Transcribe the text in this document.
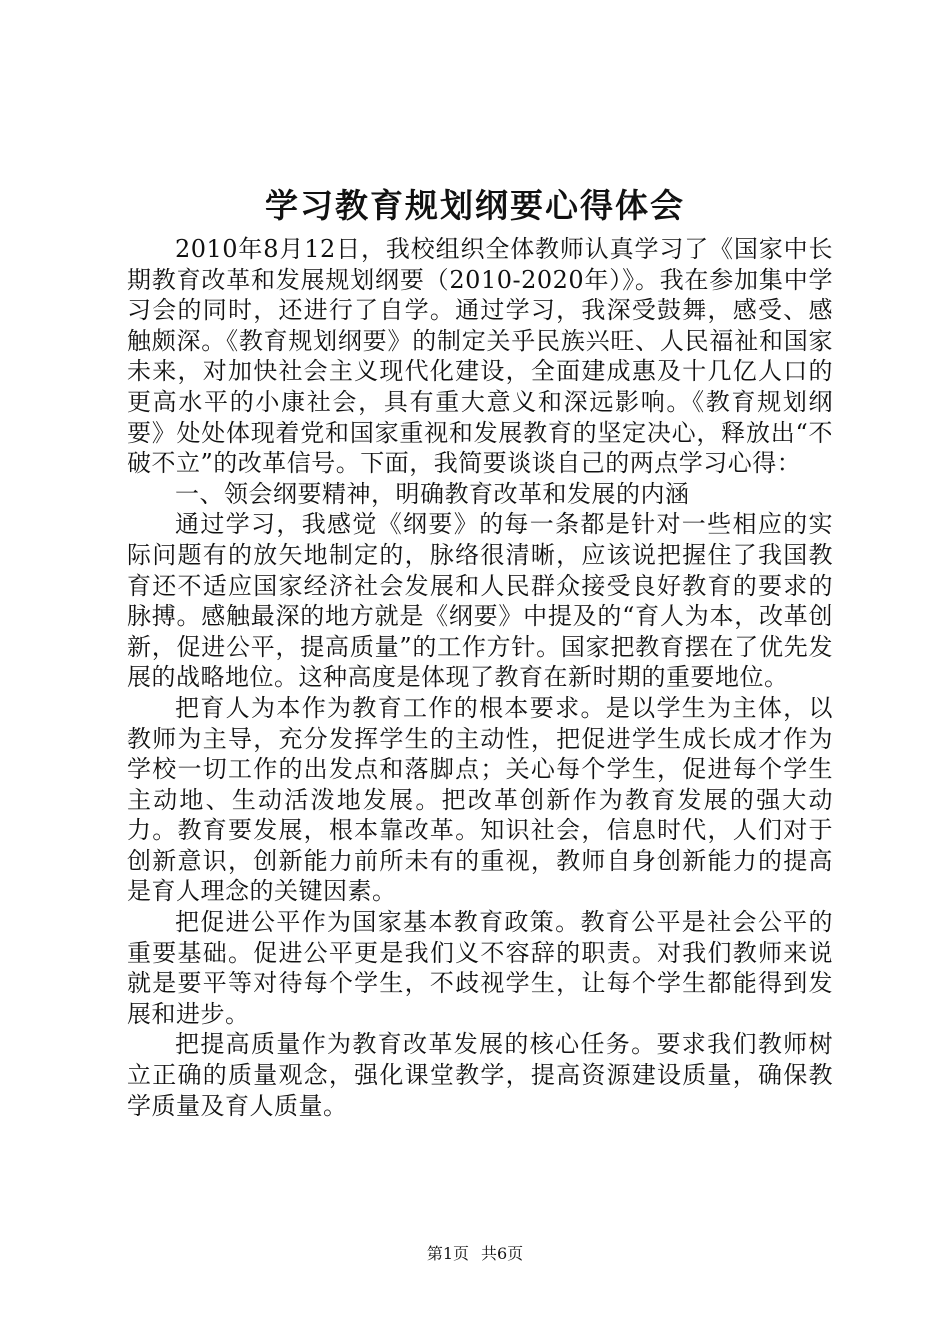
学习教育规划纲要心得体会

2010年8月12日，我校组织全体教师认真学习了《国家中长期教育改革和发展规划纲要（2010-2020年）》。我在参加集中学习会的同时，还进行了自学。通过学习，我深受鼓舞，感受、感触颇深。《教育规划纲要》的制定关乎民族兴旺、人民福祉和国家未来，对加快社会主义现代化建设，全面建成惠及十几亿人口的更高水平的小康社会，具有重大意义和深远影响。《教育规划纲要》处处体现着党和国家重视和发展教育的坚定决心，释放出“不破不立”的改革信号。下面，我简要谈谈自己的两点学习心得：

一、领会纲要精神，明确教育改革和发展的内涵

通过学习，我感觉《纲要》的每一条都是针对一些相应的实际问题有的放矢地制定的，脉络很清晰，应该说把握住了我国教育还不适应国家经济社会发展和人民群众接受良好教育的要求的脉搏。感触最深的地方就是《纲要》中提及的“育人为本，改革创新，促进公平，提高质量”的工作方针。国家把教育摆在了优先发展的战略地位。这种高度是体现了教育在新时期的重要地位。

把育人为本作为教育工作的根本要求。是以学生为主体，以教师为主导，充分发挥学生的主动性，把促进学生成长成才作为学校一切工作的出发点和落脚点；关心每个学生，促进每个学生主动地、生动活泼地发展。把改革创新作为教育发展的强大动力。教育要发展，根本靠改革。知识社会，信息时代，人们对于创新意识，创新能力前所未有的重视，教师自身创新能力的提高是育人理念的关键因素。

把促进公平作为国家基本教育政策。教育公平是社会公平的重要基础。促进公平更是我们义不容辞的职责。对我们教师来说就是要平等对待每个学生，不歧视学生，让每个学生都能得到发展和进步。

把提高质量作为教育改革发展的核心任务。要求我们教师树立正确的质量观念，强化课堂教学，提高资源建设质量，确保教学质量及育人质量。

第1页 共6页
